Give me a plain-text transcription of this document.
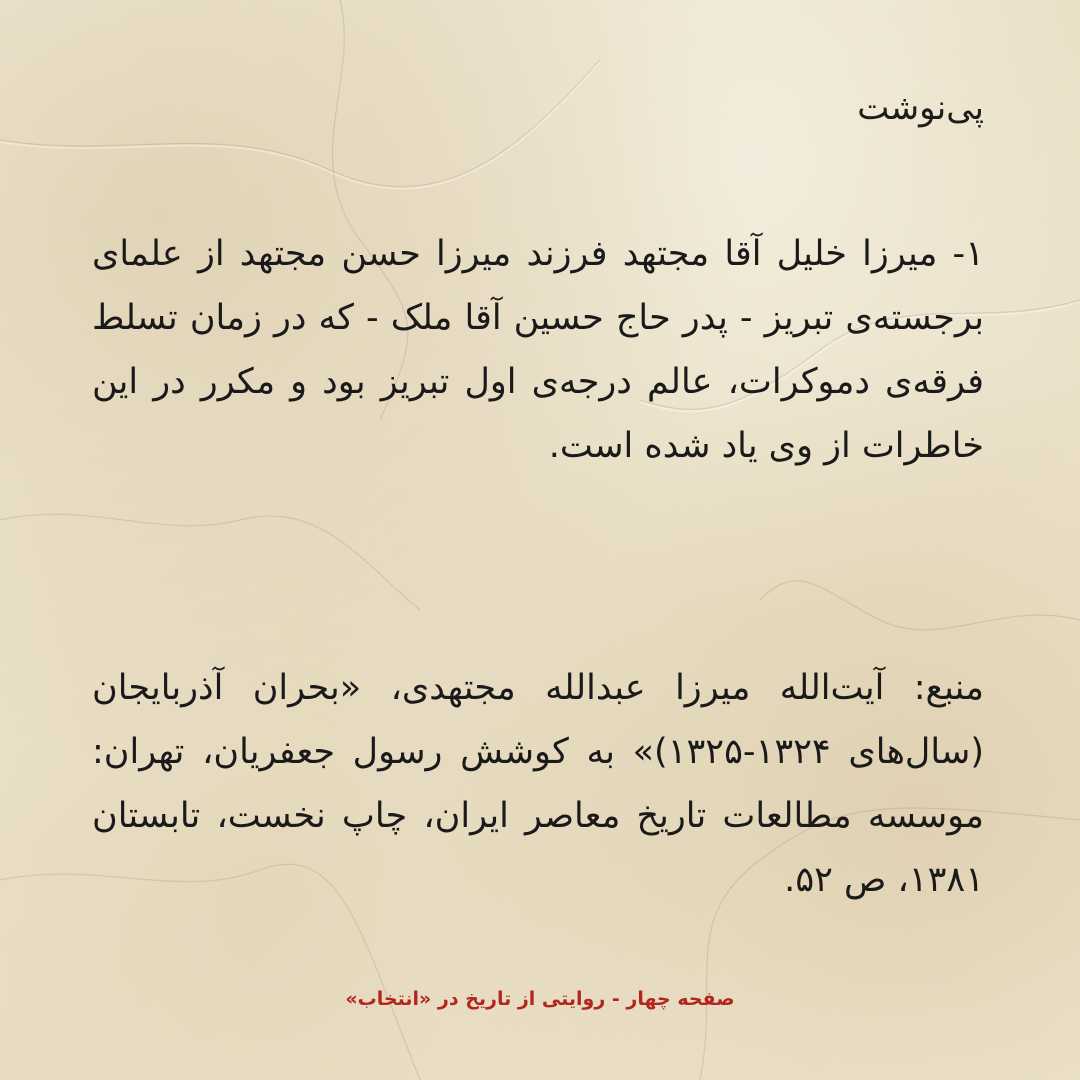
پی‌نوشت

۱- میرزا خلیل آقا مجتهد فرزند میرزا حسن مجتهد از علمای برجسته‌ی تبریز - پدر حاج حسین آقا ملک - که در زمان تسلط فرقه‌ی دموکرات، عالم درجه‌ی اول تبریز بود و مکرر در این خاطرات از وی یاد شده است.

منبع: آیت‌الله میرزا عبدالله مجتهدی، «بحران آذربایجان (سال‌های ۱۳۲۴-۱۳۲۵)» به کوشش رسول جعفریان، تهران: موسسه مطالعات تاریخ معاصر ایران، چاپ نخست، تابستان ۱۳۸۱، ص ۵۲.

صفحه چهار - روایتی از تاریخ در «انتخاب»
